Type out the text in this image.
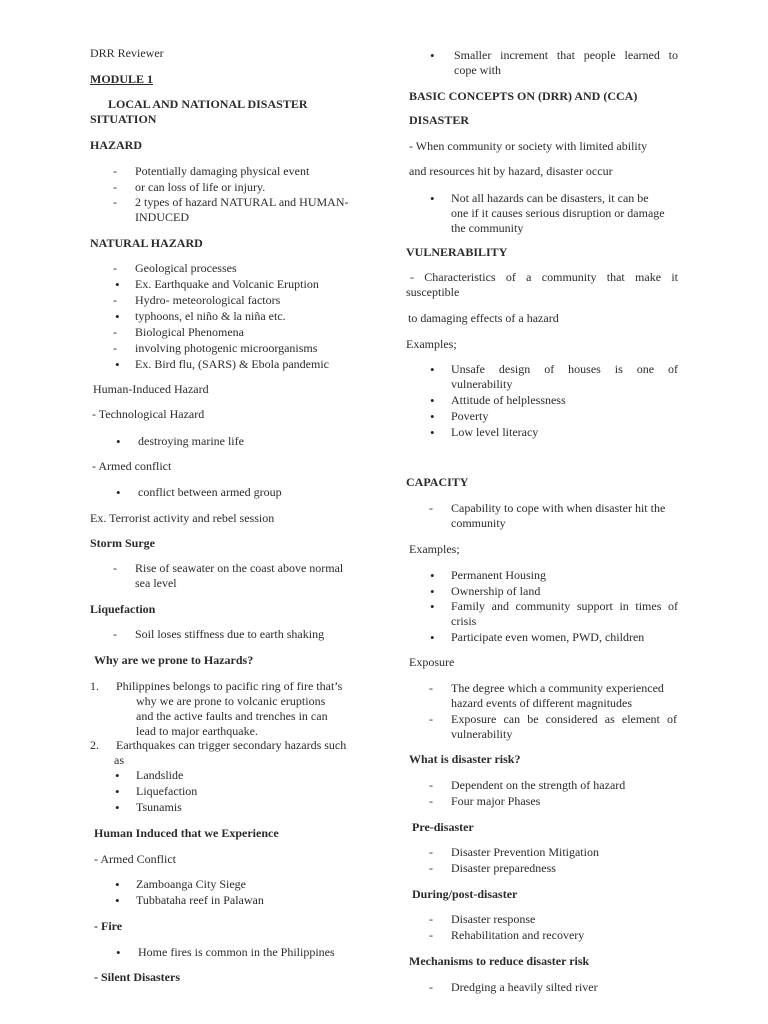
DRR Reviewer

MODULE 1

LOCAL AND NATIONAL DISASTER
SITUATION

HAZARD

- Potentially damaging physical event
- or can loss of life or injury.
- 2 types of hazard NATURAL and HUMAN-
INDUCED

NATURAL HAZARD

- Geological processes
• Ex. Earthquake and Volcanic Eruption
- Hydro- meteorological factors
• typhoons, el niño & la niña etc.
- Biological Phenomena
- involving photogenic microorganisms
• Ex. Bird flu, (SARS) & Ebola pandemic

Human-Induced Hazard

- Technological Hazard

• destroying marine life

- Armed conflict

• conflict between armed group

Ex. Terrorist activity and rebel session

Storm Surge

- Rise of seawater on the coast above normal
sea level

Liquefaction

- Soil loses stiffness due to earth shaking

Why are we prone to Hazards?

1. Philippines belongs to pacific ring of fire that’s
why we are prone to volcanic eruptions
and the active faults and trenches in can
lead to major earthquake.
2. Earthquakes can trigger secondary hazards such
as
• Landslide
• Liquefaction
• Tsunamis

Human Induced that we Experience

- Armed Conflict

• Zamboanga City Siege
• Tubbataha reef in Palawan

- Fire

• Home fires is common in the Philippines

- Silent Disasters

• Smaller increment that people learned to
cope with

BASIC CONCEPTS ON (DRR) AND (CCA)

DISASTER

- When community or society with limited ability

and resources hit by hazard, disaster occur

• Not all hazards can be disasters, it can be
one if it causes serious disruption or damage
the community

VULNERABILITY

- Characteristics of a community that make it
susceptible

to damaging effects of a hazard

Examples;

• Unsafe design of houses is one of
vulnerability
• Attitude of helplessness
• Poverty
• Low level literacy

CAPACITY

- Capability to cope with when disaster hit the
community

Examples;

• Permanent Housing
• Ownership of land
• Family and community support in times of
crisis
• Participate even women, PWD, children

Exposure

- The degree which a community experienced
hazard events of different magnitudes
- Exposure can be considered as element of
vulnerability

What is disaster risk?

- Dependent on the strength of hazard
- Four major Phases

Pre-disaster

- Disaster Prevention Mitigation
- Disaster preparedness

During/post-disaster

- Disaster response
- Rehabilitation and recovery

Mechanisms to reduce disaster risk

- Dredging a heavily silted river
